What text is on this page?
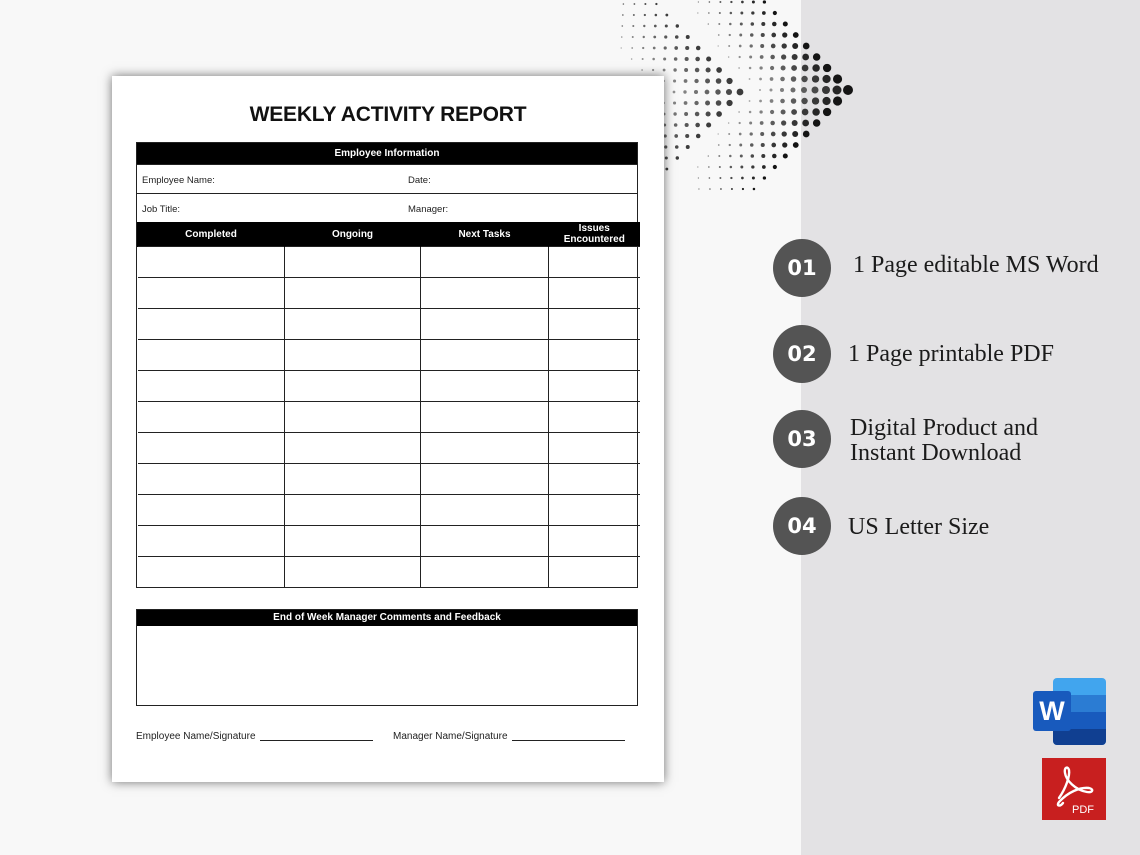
WEEKLY ACTIVITY REPORT
Employee Information
Employee Name:	Date:
Job Title:	Manager:
Completed	Ongoing	Next Tasks	Issues Encountered

End of Week Manager Comments and Feedback
Employee Name/Signature	Manager Name/Signature
01	1 Page editable MS Word
02	1 Page printable PDF
03	Digital Product and
Instant Download
04	US Letter Size
W
PDF
